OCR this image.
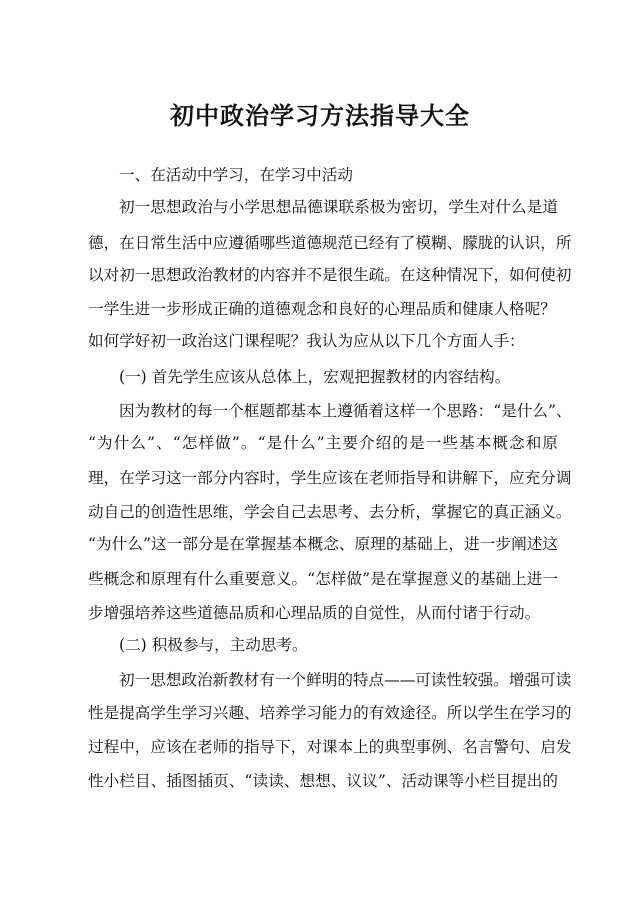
初中政治学习方法指导大全
一、在活动中学习，在学习中活动
初一思想政治与小学思想品德课联系极为密切，学生对什么是道
德，在日常生活中应遵循哪些道德规范已经有了模糊、朦胧的认识，所
以对初一思想政治教材的内容并不是很生疏。在这种情况下，如何使初
一学生进一步形成正确的道德观念和良好的心理品质和健康人格呢？
如何学好初一政治这门课程呢？我认为应从以下几个方面人手：
(一) 首先学生应该从总体上，宏观把握教材的内容结构。
因为教材的每一个框题都基本上遵循着这样一个思路：“是什么”、
“为什么”、“怎样做”。“是什么”主要介绍的是一些基本概念和原
理，在学习这一部分内容时，学生应该在老师指导和讲解下，应充分调
动自己的创造性思维，学会自己去思考、去分析，掌握它的真正涵义。
“为什么”这一部分是在掌握基本概念、原理的基础上，进一步阐述这
些概念和原理有什么重要意义。“怎样做”是在掌握意义的基础上进一
步增强培养这些道德品质和心理品质的自觉性，从而付诸于行动。
(二) 积极参与，主动思考。
初一思想政治新教材有一个鲜明的特点——可读性较强。增强可读
性是提高学生学习兴趣、培养学习能力的有效途径。所以学生在学习的
过程中，应该在老师的指导下，对课本上的典型事例、名言警句、启发
性小栏目、插图插页、“读读、想想、议议”、活动课等小栏目提出的
